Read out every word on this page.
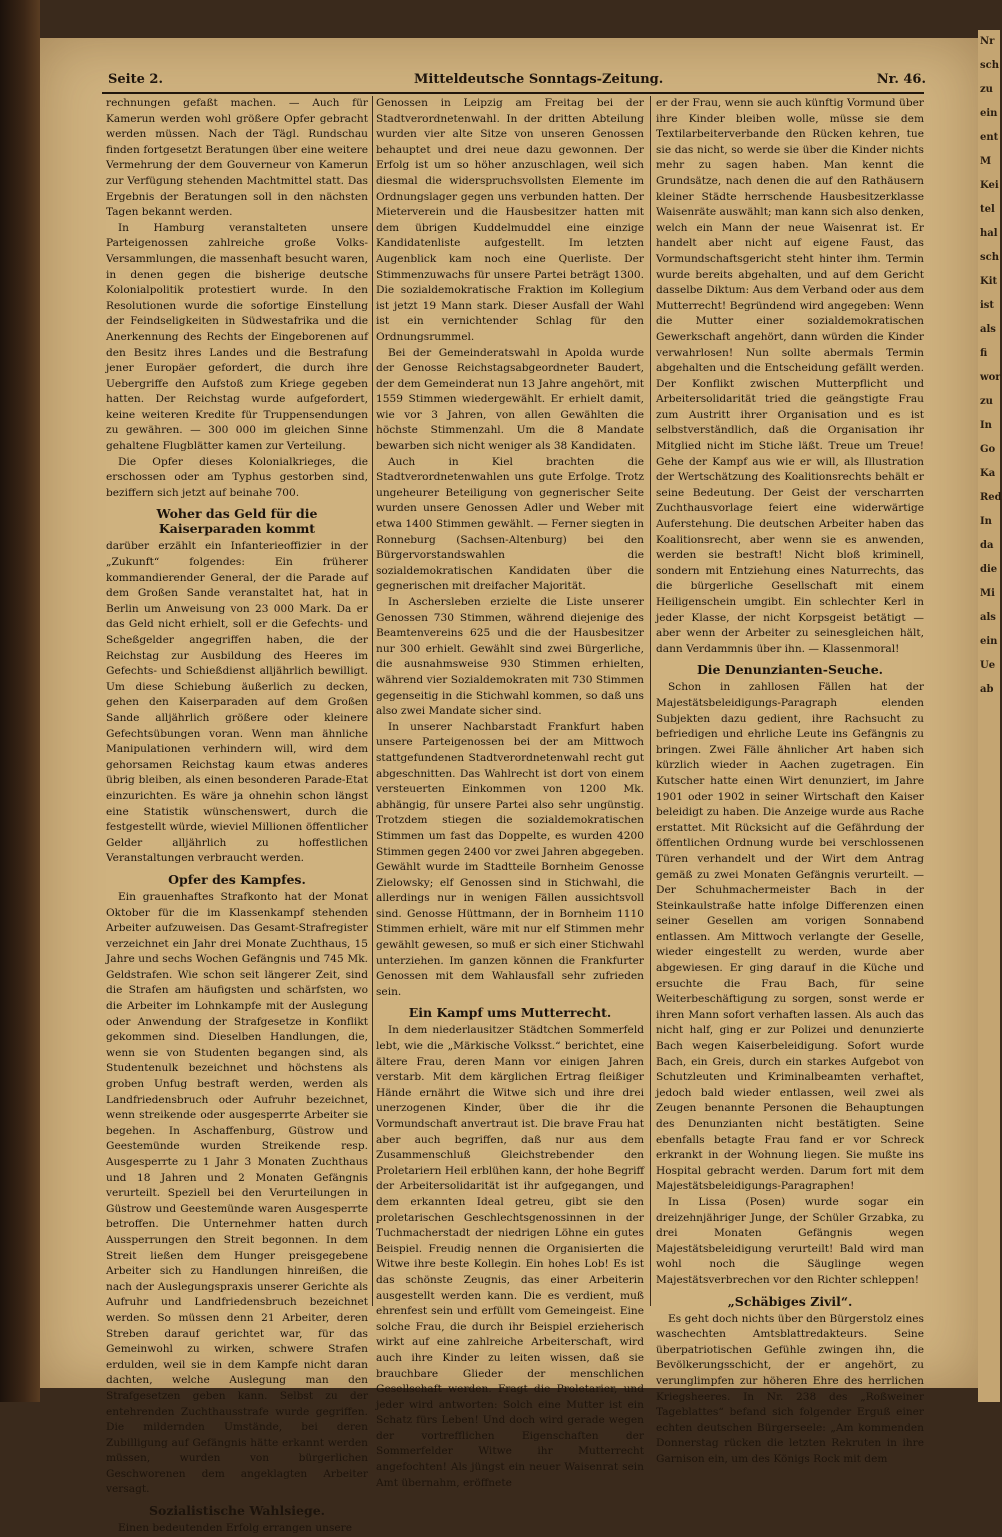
Nr
sch
zu
ein
ent
M
Kei
tel
hal
sch
Kit
ist
als
fi
wor
zu
In
Go
Ka
Red
In
da
die
Mi
als
ein
Ue
ab
Seite 2.	Mitteldeutsche Sonntags-Zeitung.	Nr. 46.

rechnungen gefaßt machen. — Auch für Kamerun werden wohl größere Opfer gebracht werden müssen. Nach der Tägl. Rundschau finden fortgesetzt Beratungen über eine weitere Vermehrung der dem Gouverneur von Kamerun zur Verfügung stehenden Machtmittel statt. Das Ergebnis der Beratungen soll in den nächsten Tagen bekannt werden.

In Hamburg veranstalteten unsere Parteigenossen zahlreiche große Volks-Versammlungen, die massenhaft besucht waren, in denen gegen die bisherige deutsche Kolonialpolitik protestiert wurde. In den Resolutionen wurde die sofortige Einstellung der Feindseligkeiten in Südwestafrika und die Anerkennung des Rechts der Eingeborenen auf den Besitz ihres Landes und die Bestrafung jener Europäer gefordert, die durch ihre Uebergriffe den Aufstoß zum Kriege gegeben hatten. Der Reichstag wurde aufgefordert, keine weiteren Kredite für Truppensendungen zu gewähren. — 300 000 im gleichen Sinne gehaltene Flugblätter kamen zur Verteilung.

Die Opfer dieses Kolonialkrieges, die erschossen oder am Typhus gestorben sind, beziffern sich jetzt auf beinahe 700.

Woher das Geld für die Kaiserparaden kommt

darüber erzählt ein Infanterieoffizier in der „Zukunft“ folgendes: Ein früherer kommandierender General, der die Parade auf dem Großen Sande veranstaltet hat, hat in Berlin um Anweisung von 23 000 Mark. Da er das Geld nicht erhielt, soll er die Gefechts- und Scheßgelder angegriffen haben, die der Reichstag zur Ausbildung des Heeres im Gefechts- und Schießdienst alljährlich bewilligt. Um diese Schiebung äußerlich zu decken, gehen den Kaiserparaden auf dem Großen Sande alljährlich größere oder kleinere Gefechtsübungen voran. Wenn man ähnliche Manipulationen verhindern will, wird dem gehorsamen Reichstag kaum etwas anderes übrig bleiben, als einen besonderen Parade-Etat einzurichten. Es wäre ja ohnehin schon längst eine Statistik wünschenswert, durch die festgestellt würde, wieviel Millionen öffentlicher Gelder alljährlich zu hoffestlichen Veranstaltungen verbraucht werden.

Opfer des Kampfes.

Ein grauenhaftes Strafkonto hat der Monat Oktober für die im Klassenkampf stehenden Arbeiter aufzuweisen. Das Gesamt-Strafregister verzeichnet ein Jahr drei Monate Zuchthaus, 15 Jahre und sechs Wochen Gefängnis und 745 Mk. Geldstrafen. Wie schon seit längerer Zeit, sind die Strafen am häufigsten und schärfsten, wo die Arbeiter im Lohnkampfe mit der Auslegung oder Anwendung der Strafgesetze in Konflikt gekommen sind. Dieselben Handlungen, die, wenn sie von Studenten begangen sind, als Studentenulk bezeichnet und höchstens als groben Unfug bestraft werden, werden als Landfriedensbruch oder Aufruhr bezeichnet, wenn streikende oder ausgesperrte Arbeiter sie begehen. In Aschaffenburg, Güstrow und Geestemünde wurden Streikende resp. Ausgesperrte zu 1 Jahr 3 Monaten Zuchthaus und 18 Jahren und 2 Monaten Gefängnis verurteilt. Speziell bei den Verurteilungen in Güstrow und Geestemünde waren Ausgesperrte betroffen. Die Unternehmer hatten durch Aussperrungen den Streit begonnen. In dem Streit ließen dem Hunger preisgegebene Arbeiter sich zu Handlungen hinreißen, die nach der Auslegungspraxis unserer Gerichte als Aufruhr und Landfriedensbruch bezeichnet werden. So müssen denn 21 Arbeiter, deren Streben darauf gerichtet war, für das Gemeinwohl zu wirken, schwere Strafen erdulden, weil sie in dem Kampfe nicht daran dachten, welche Auslegung man den Strafgesetzen geben kann. Selbst zu der entehrenden Zuchthausstrafe wurde gegriffen. Die mildernden Umstände, bei deren Zubilligung auf Gefängnis hätte erkannt werden müssen, wurden von bürgerlichen Geschworenen dem angeklagten Arbeiter versagt.

Sozialistische Wahlsiege.

Einen bedeutenden Erfolg errangen unsere

Genossen in Leipzig am Freitag bei der Stadtverordnetenwahl. In der dritten Abteilung wurden vier alte Sitze von unseren Genossen behauptet und drei neue dazu gewonnen. Der Erfolg ist um so höher anzuschlagen, weil sich diesmal die widerspruchsvollsten Elemente im Ordnungslager gegen uns verbunden hatten. Der Mieterverein und die Hausbesitzer hatten mit dem übrigen Kuddelmuddel eine einzige Kandidatenliste aufgestellt. Im letzten Augenblick kam noch eine Querliste. Der Stimmenzuwachs für unsere Partei beträgt 1300. Die sozialdemokratische Fraktion im Kollegium ist jetzt 19 Mann stark. Dieser Ausfall der Wahl ist ein vernichtender Schlag für den Ordnungsrummel.

Bei der Gemeinderatswahl in Apolda wurde der Genosse Reichstagsabgeordneter Baudert, der dem Gemeinderat nun 13 Jahre angehört, mit 1559 Stimmen wiedergewählt. Er erhielt damit, wie vor 3 Jahren, von allen Gewählten die höchste Stimmenzahl. Um die 8 Mandate bewarben sich nicht weniger als 38 Kandidaten.

Auch in Kiel brachten die Stadtverordnetenwahlen uns gute Erfolge. Trotz ungeheurer Beteiligung von gegnerischer Seite wurden unsere Genossen Adler und Weber mit etwa 1400 Stimmen gewählt. — Ferner siegten in Ronneburg (Sachsen-Altenburg) bei den Bürgervorstandswahlen die sozialdemokratischen Kandidaten über die gegnerischen mit dreifacher Majorität.

In Aschersleben erzielte die Liste unserer Genossen 730 Stimmen, während diejenige des Beamtenvereins 625 und die der Hausbesitzer nur 300 erhielt. Gewählt sind zwei Bürgerliche, die ausnahmsweise 930 Stimmen erhielten, während vier Sozialdemokraten mit 730 Stimmen gegenseitig in die Stichwahl kommen, so daß uns also zwei Mandate sicher sind.

In unserer Nachbarstadt Frankfurt haben unsere Parteigenossen bei der am Mittwoch stattgefundenen Stadtverordnetenwahl recht gut abgeschnitten. Das Wahlrecht ist dort von einem versteuerten Einkommen von 1200 Mk. abhängig, für unsere Partei also sehr ungünstig. Trotzdem stiegen die sozialdemokratischen Stimmen um fast das Doppelte, es wurden 4200 Stimmen gegen 2400 vor zwei Jahren abgegeben. Gewählt wurde im Stadtteile Bornheim Genosse Zielowsky; elf Genossen sind in Stichwahl, die allerdings nur in wenigen Fällen aussichtsvoll sind. Genosse Hüttmann, der in Bornheim 1110 Stimmen erhielt, wäre mit nur elf Stimmen mehr gewählt gewesen, so muß er sich einer Stichwahl unterziehen. Im ganzen können die Frankfurter Genossen mit dem Wahlausfall sehr zufrieden sein.

Ein Kampf ums Mutterrecht.

In dem niederlausitzer Städtchen Sommerfeld lebt, wie die „Märkische Volksst.“ berichtet, eine ältere Frau, deren Mann vor einigen Jahren verstarb. Mit dem kärglichen Ertrag fleißiger Hände ernährt die Witwe sich und ihre drei unerzogenen Kinder, über die ihr die Vormundschaft anvertraut ist. Die brave Frau hat aber auch begriffen, daß nur aus dem Zusammenschluß Gleichstrebender den Proletariern Heil erblühen kann, der hohe Begriff der Arbeitersolidarität ist ihr aufgegangen, und dem erkannten Ideal getreu, gibt sie den proletarischen Geschlechtsgenossinnen in der Tuchmacherstadt der niedrigen Löhne ein gutes Beispiel. Freudig nennen die Organisierten die Witwe ihre beste Kollegin. Ein hohes Lob! Es ist das schönste Zeugnis, das einer Arbeiterin ausgestellt werden kann. Die es verdient, muß ehrenfest sein und erfüllt vom Gemeingeist. Eine solche Frau, die durch ihr Beispiel erzieherisch wirkt auf eine zahlreiche Arbeiterschaft, wird auch ihre Kinder zu leiten wissen, daß sie brauchbare Glieder der menschlichen Gesellschaft werden. Fragt die Proletarier, und jeder wird antworten: Solch eine Mutter ist ein Schatz fürs Leben! Und doch wird gerade wegen der vortrefflichen Eigenschaften der Sommerfelder Witwe ihr Mutterrecht angefochten! Als jüngst ein neuer Waisenrat sein Amt übernahm, eröffnete

er der Frau, wenn sie auch künftig Vormund über ihre Kinder bleiben wolle, müsse sie dem Textilarbeiterverbande den Rücken kehren, tue sie das nicht, so werde sie über die Kinder nichts mehr zu sagen haben. Man kennt die Grundsätze, nach denen die auf den Rathäusern kleiner Städte herrschende Hausbesitzerklasse Waisenräte auswählt; man kann sich also denken, welch ein Mann der neue Waisenrat ist. Er handelt aber nicht auf eigene Faust, das Vormundschaftsgericht steht hinter ihm. Termin wurde bereits abgehalten, und auf dem Gericht dasselbe Diktum: Aus dem Verband oder aus dem Mutterrecht! Begründend wird angegeben: Wenn die Mutter einer sozialdemokratischen Gewerkschaft angehört, dann würden die Kinder verwahrlosen! Nun sollte abermals Termin abgehalten und die Entscheidung gefällt werden. Der Konflikt zwischen Mutterpflicht und Arbeitersolidarität tried die geängstigte Frau zum Austritt ihrer Organisation und es ist selbstverständlich, daß die Organisation ihr Mitglied nicht im Stiche läßt. Treue um Treue! Gehe der Kampf aus wie er will, als Illustration der Wertschätzung des Koalitionsrechts behält er seine Bedeutung. Der Geist der verscharrten Zuchthausvorlage feiert eine widerwärtige Auferstehung. Die deutschen Arbeiter haben das Koalitionsrecht, aber wenn sie es anwenden, werden sie bestraft! Nicht bloß kriminell, sondern mit Entziehung eines Naturrechts, das die bürgerliche Gesellschaft mit einem Heiligenschein umgibt. Ein schlechter Kerl in jeder Klasse, der nicht Korpsgeist betätigt — aber wenn der Arbeiter zu seinesgleichen hält, dann Verdammnis über ihn. — Klassenmoral!

Die Denunzianten-Seuche.

Schon in zahllosen Fällen hat der Majestätsbeleidigungs-Paragraph elenden Subjekten dazu gedient, ihre Rachsucht zu befriedigen und ehrliche Leute ins Gefängnis zu bringen. Zwei Fälle ähnlicher Art haben sich kürzlich wieder in Aachen zugetragen. Ein Kutscher hatte einen Wirt denunziert, im Jahre 1901 oder 1902 in seiner Wirtschaft den Kaiser beleidigt zu haben. Die Anzeige wurde aus Rache erstattet. Mit Rücksicht auf die Gefährdung der öffentlichen Ordnung wurde bei verschlossenen Türen verhandelt und der Wirt dem Antrag gemäß zu zwei Monaten Gefängnis verurteilt. — Der Schuhmachermeister Bach in der Steinkaulstraße hatte infolge Differenzen einen seiner Gesellen am vorigen Sonnabend entlassen. Am Mittwoch verlangte der Geselle, wieder eingestellt zu werden, wurde aber abgewiesen. Er ging darauf in die Küche und ersuchte die Frau Bach, für seine Weiterbeschäftigung zu sorgen, sonst werde er ihren Mann sofort verhaften lassen. Als auch das nicht half, ging er zur Polizei und denunzierte Bach wegen Kaiserbeleidigung. Sofort wurde Bach, ein Greis, durch ein starkes Aufgebot von Schutzleuten und Kriminalbeamten verhaftet, jedoch bald wieder entlassen, weil zwei als Zeugen benannte Personen die Behauptungen des Denunzianten nicht bestätigten. Seine ebenfalls betagte Frau fand er vor Schreck erkrankt in der Wohnung liegen. Sie mußte ins Hospital gebracht werden. Darum fort mit dem Majestätsbeleidigungs-Paragraphen!

In Lissa (Posen) wurde sogar ein dreizehnjähriger Junge, der Schüler Grzabka, zu drei Monaten Gefängnis wegen Majestätsbeleidigung verurteilt! Bald wird man wohl noch die Säuglinge wegen Majestätsverbrechen vor den Richter schleppen!

„Schäbiges Zivil“.

Es geht doch nichts über den Bürgerstolz eines waschechten Amtsblattredakteurs. Seine überpatriotischen Gefühle zwingen ihn, die Bevölkerungsschicht, der er angehört, zu verunglimpfen zur höheren Ehre des herrlichen Kriegsheeres. In Nr. 238 des „Roßweiner Tageblattes“ befand sich folgender Erguß einer echten deutschen Bürgerseele: „Am kommenden Donnerstag rücken die letzten Rekruten in ihre Garnison ein, um des Königs Rock mit dem
